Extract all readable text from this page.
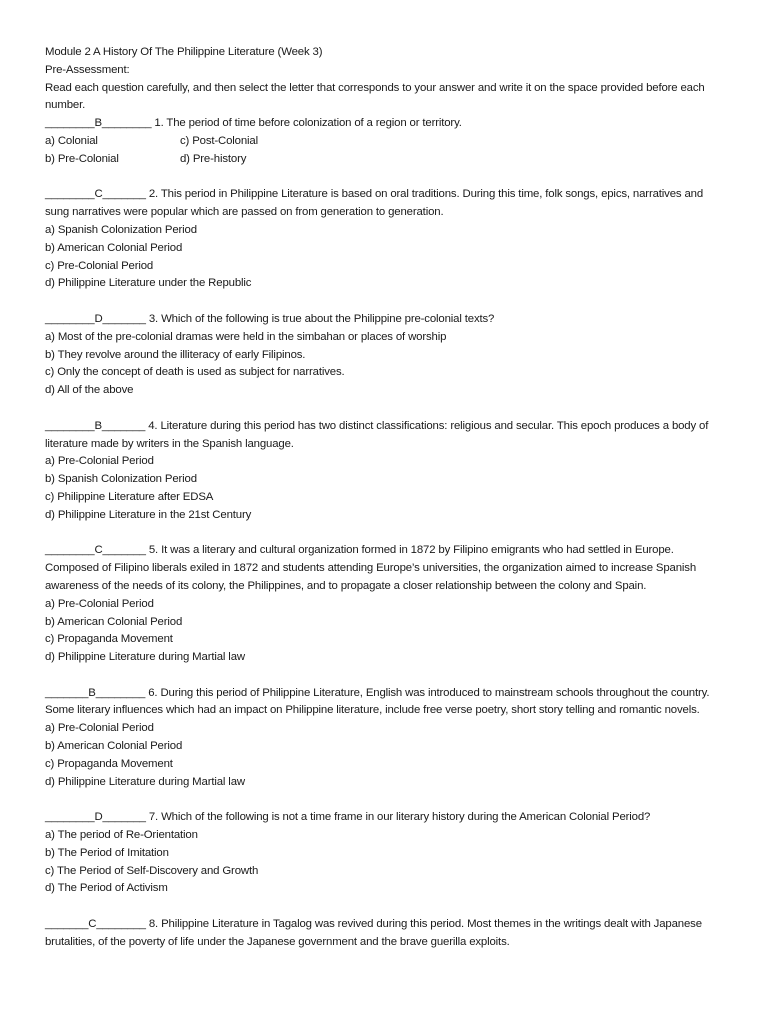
Module 2 A History Of The Philippine Literature (Week 3)

Pre-Assessment:

Read each question carefully, and then select the letter that corresponds to your answer and write it on the space provided before each number.

________B________ 1. The period of time before colonization of a region or territory.

a) Colonial	c) Post-Colonial

b) Pre-Colonial	d) Pre-history

________C_______ 2. This period in Philippine Literature is based on oral traditions. During this time, folk songs, epics, narratives and sung narratives were popular which are passed on from generation to generation.

a) Spanish Colonization Period

b) American Colonial Period

c) Pre-Colonial Period

d) Philippine Literature under the Republic

________D_______ 3. Which of the following is true about the Philippine pre-colonial texts?

a) Most of the pre-colonial dramas were held in the simbahan or places of worship

b) They revolve around the illiteracy of early Filipinos.

c) Only the concept of death is used as subject for narratives.

d) All of the above

________B_______ 4. Literature during this period has two distinct classifications: religious and secular. This epoch produces a body of literature made by writers in the Spanish language.

a) Pre-Colonial Period

b) Spanish Colonization Period

c) Philippine Literature after EDSA

d) Philippine Literature in the 21st Century

________C_______ 5. It was a literary and cultural organization formed in 1872 by Filipino emigrants who had settled in Europe. Composed of Filipino liberals exiled in 1872 and students attending Europe’s universities, the organization aimed to increase Spanish awareness of the needs of its colony, the Philippines, and to propagate a closer relationship between the colony and Spain.

a) Pre-Colonial Period

b) American Colonial Period

c) Propaganda Movement

d) Philippine Literature during Martial law

_______B________ 6. During this period of Philippine Literature, English was introduced to mainstream schools throughout the country. Some literary influences which had an impact on Philippine literature, include free verse poetry, short story telling and romantic novels.

a) Pre-Colonial Period

b) American Colonial Period

c) Propaganda Movement

d) Philippine Literature during Martial law

________D_______ 7. Which of the following is not a time frame in our literary history during the American Colonial Period?

a) The period of Re-Orientation

b) The Period of Imitation

c) The Period of Self-Discovery and Growth

d) The Period of Activism

_______C________ 8. Philippine Literature in Tagalog was revived during this period. Most themes in the writings dealt with Japanese brutalities, of the poverty of life under the Japanese government and the brave guerilla exploits.
